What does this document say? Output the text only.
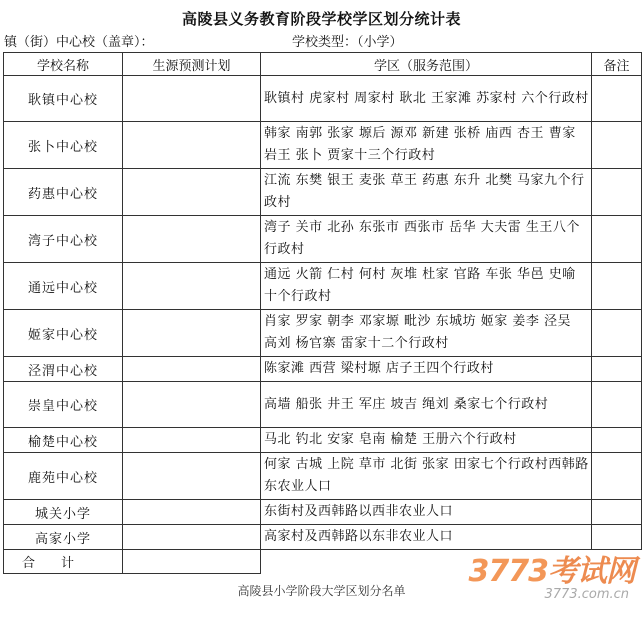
高陵县义务教育阶段学校学区划分统计表
镇（街）中心校（盖章）：	学校类型：（小学）
学校名称	生源预测计划	学区（服务范围）	备注
耿镇中心校		耿镇村 虎家村 周家村 耿北 王家滩 苏家村 六个行政村	
张卜中心校		韩家 南郭 张家 塬后 源邓 新建 张桥 庙西 杏王 曹家 岩王 张卜 贾家十三个行政村	
药惠中心校		江流 东樊 银王 麦张 草王 药惠 东升 北樊 马家九个行政村	
湾子中心校		湾子 关市 北孙 东张市 西张市 岳华 大夫雷 生王八个行政村	
通远中心校		通远 火箭 仁村 何村 灰堆 杜家 官路 车张 华邑 史喻十个行政村	
姬家中心校		肖家 罗家 朝李 邓家塬 毗沙 东城坊 姬家 姜李 泾吴 高刘 杨官寨 雷家十二个行政村	
泾渭中心校		陈家滩 西营 梁村塬 店子王四个行政村	
崇皇中心校		高墙 船张 井王 军庄 坡吉 绳刘 桑家七个行政村	
榆楚中心校		马北 钓北 安家 皂南 榆楚 王册六个行政村	
鹿苑中心校		何家 古城 上院 草市 北街 张家 田家七个行政村西韩路东农业人口	
城关小学		东街村及西韩路以西非农业人口	
高家小学		高家村及西韩路以东非农业人口	
合计			
高陵县小学阶段大学区划分名单
3773考试网
3773.com.cn
